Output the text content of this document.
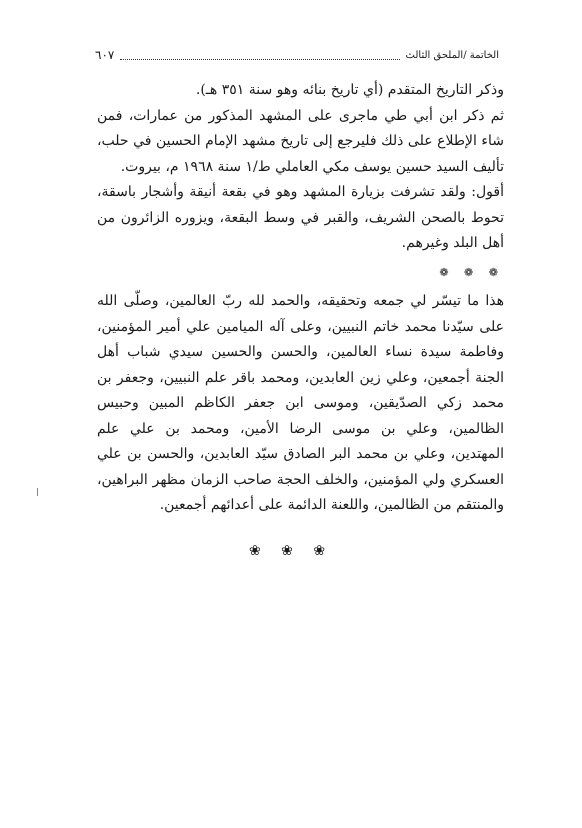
الخاتمة /الملحق الثالث
٦٠٧

وذكر التاريخ المتقدم (أي تاريخ بنائه وهو سنة ٣٥١ هـ).

ثم ذكر ابن أبي طي ماجرى على المشهد المذكور من عمارات، فمن شاء الإطلاع على ذلك فليرجع إلى تاريخ مشهد الإمام الحسين في حلب، تأليف السيد حسين يوسف مكي العاملي ط/١ سنة ١٩٦٨ م، بيروت.

أقول: ولقد تشرفت بزيارة المشهد وهو في بقعة أنيقة وأشجار باسقة، تحوط بالصحن الشريف، والقبر في وسط البقعة، ويزوره الزائرون من أهل البلد وغيرهم.

❁ ❁ ❁

هذا ما تيسّر لي جمعه وتحقيقه، والحمد لله ربّ العالمين، وصلّى الله على سيّدنا محمد خاتم النبيين، وعلى آله الميامين علي أمير المؤمنين، وفاطمة سيدة نساء العالمين، والحسن والحسين سيدي شباب أهل الجنة أجمعين، وعلي زين العابدين، ومحمد باقر علم النبيين، وجعفر بن محمد زكي الصدّيقين، وموسى ابن جعفر الكاظم المبين وحبيس الظالمين، وعلي بن موسى الرضا الأمين، ومحمد بن علي علم المهتدين، وعلي بن محمد البر الصادق سيّد العابدين، والحسن بن علي العسكري ولي المؤمنين، والخلف الحجة صاحب الزمان مظهر البراهين، والمنتقم من الظالمين، واللعنة الدائمة على أعدائهم أجمعين.

❀ ❀ ❀
